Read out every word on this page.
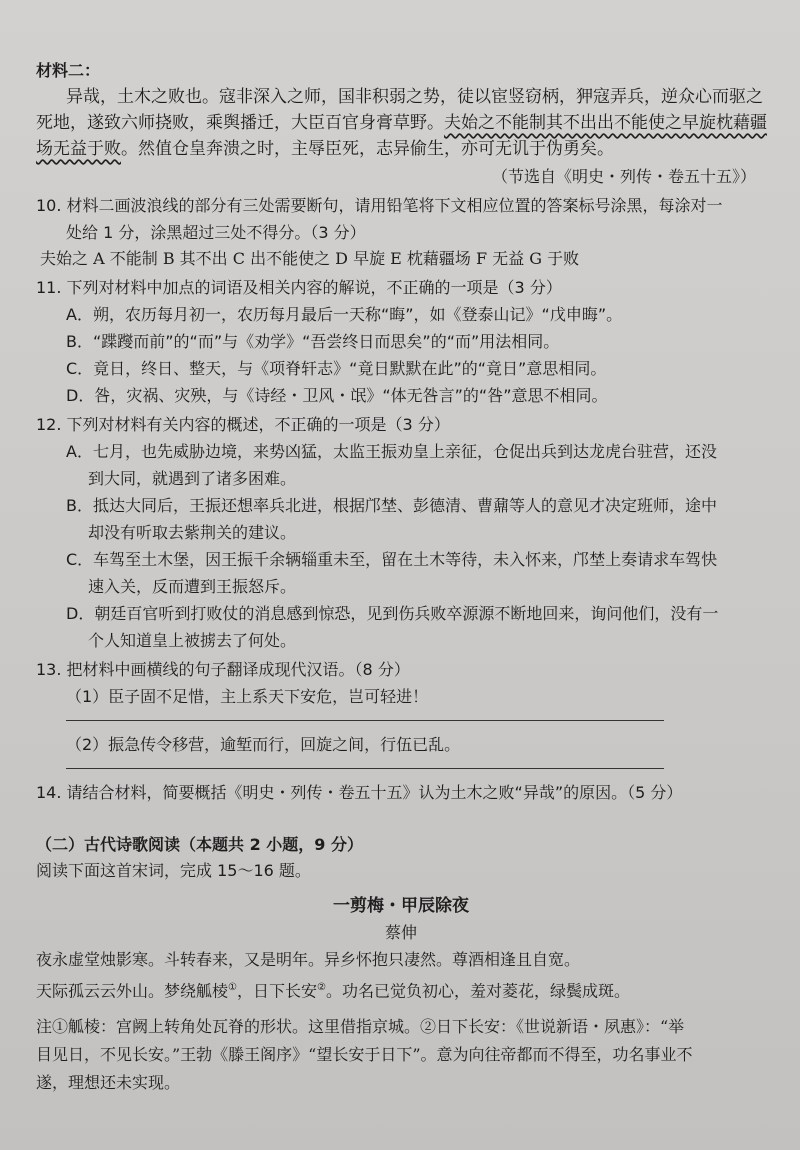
材料二：
异哉，土木之败也。寇非深入之师，国非积弱之势，徒以宦竖窃柄，狎寇弄兵，逆众心而驱之
死地，遂致六师挠败，乘舆播迁，大臣百官身膏草野。夫始之不能制其不出出不能使之早旋枕藉疆
场无益于败。然值仓皇奔溃之时，主辱臣死，志异偷生，亦可无讥于伪勇矣。
（节选自《明史・列传・卷五十五》）
10. 材料二画波浪线的部分有三处需要断句，请用铅笔将下文相应位置的答案标号涂黑，每涂对一
处给 1 分，涂黑超过三处不得分。（3 分）
夫始之 A 不能制 B 其不出 C 出不能使之 D 早旋 E 枕藉疆场 F 无益 G 于败
11. 下列对材料中加点的词语及相关内容的解说，不正确的一项是（3 分）
A．朔，农历每月初一，农历每月最后一天称“晦”，如《登泰山记》“戊申晦”。
B．“蹀躞而前”的“而”与《劝学》“吾尝终日而思矣”的“而”用法相同。
C．竟日，终日、整天，与《项脊轩志》“竟日默默在此”的“竟日”意思相同。
D．咎，灾祸、灾殃，与《诗经・卫风・氓》“体无咎言”的“咎”意思不相同。
12. 下列对材料有关内容的概述，不正确的一项是（3 分）
A．七月，也先威胁边境，来势凶猛，太监王振劝皇上亲征，仓促出兵到达龙虎台驻营，还没
到大同，就遇到了诸多困难。
B．抵达大同后，王振还想率兵北进，根据邝埜、彭德清、曹鼐等人的意见才决定班师，途中
却没有听取去紫荆关的建议。
C．车驾至土木堡，因王振千余辆辎重未至，留在土木等待，未入怀来，邝埜上奏请求车驾快
速入关，反而遭到王振怒斥。
D．朝廷百官听到打败仗的消息感到惊恐，见到伤兵败卒源源不断地回来，询问他们，没有一
个人知道皇上被掳去了何处。
13. 把材料中画横线的句子翻译成现代汉语。（8 分）
（1）臣子固不足惜，主上系天下安危，岂可轻进！
（2）振急传令移营，逾堑而行，回旋之间，行伍已乱。
14. 请结合材料，简要概括《明史・列传・卷五十五》认为土木之败“异哉”的原因。（5 分）
（二）古代诗歌阅读（本题共 2 小题，9 分）
阅读下面这首宋词，完成 15～16 题。
一剪梅・甲辰除夜
蔡伸
夜永虚堂烛影寒。斗转春来，又是明年。异乡怀抱只凄然。尊酒相逢且自宽。
天际孤云云外山。梦绕觚棱①，日下长安②。功名已觉负初心，羞对菱花，绿鬓成斑。
注①觚棱：宫阙上转角处瓦脊的形状。这里借指京城。②日下长安：《世说新语・夙惠》：“举
目见日，不见长安。”王勃《滕王阁序》“望长安于日下”。意为向往帝都而不得至，功名事业不
遂，理想还未实现。
